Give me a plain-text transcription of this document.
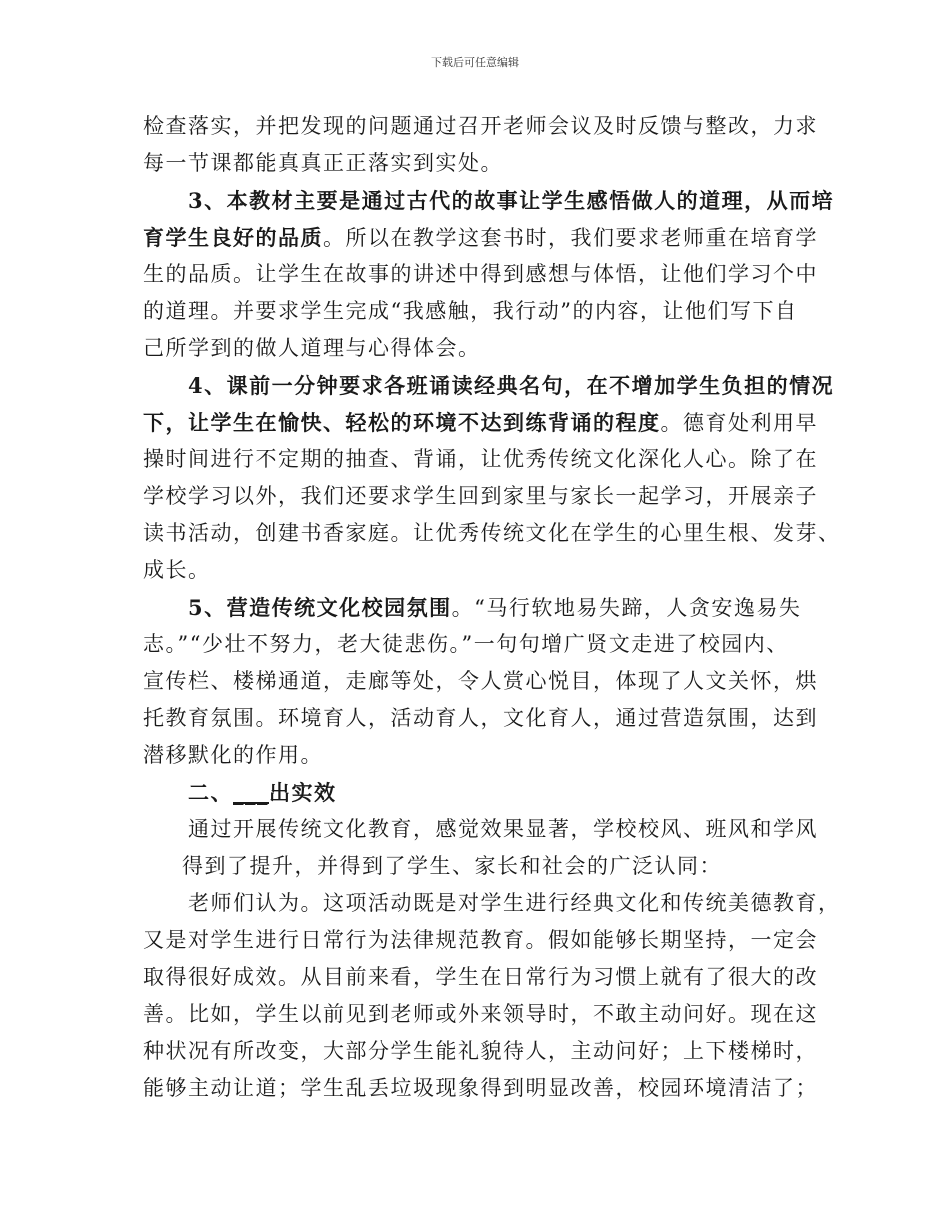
下载后可任意编辑
检查落实，并把发现的问题通过召开老师会议及时反馈与整改，力求
每一节课都能真真正正落实到实处。
3、本教材主要是通过古代的故事让学生感悟做人的道理，从而培
育学生良好的品质。所以在教学这套书时，我们要求老师重在培育学
生的品质。让学生在故事的讲述中得到感想与体悟，让他们学习个中
的道理。并要求学生完成“我感触，我行动”的内容，让他们写下自
己所学到的做人道理与心得体会。
4、课前一分钟要求各班诵读经典名句，在不增加学生负担的情况
下，让学生在愉快、轻松的环境不达到练背诵的程度。德育处利用早
操时间进行不定期的抽查、背诵，让优秀传统文化深化人心。除了在
学校学习以外，我们还要求学生回到家里与家长一起学习，开展亲子
读书活动，创建书香家庭。让优秀传统文化在学生的心里生根、发芽、
成长。
5、营造传统文化校园氛围。“马行软地易失蹄，人贪安逸易失
志。”“少壮不努力，老大徒悲伤。”一句句增广贤文走进了校园内、
宣传栏、楼梯通道，走廊等处，令人赏心悦目，体现了人文关怀，烘
托教育氛围。环境育人，活动育人，文化育人，通过营造氛围，达到
潜移默化的作用。
二、___出实效
通过开展传统文化教育，感觉效果显著，学校校风、班风和学风
得到了提升，并得到了学生、家长和社会的广泛认同：
老师们认为。这项活动既是对学生进行经典文化和传统美德教育，
又是对学生进行日常行为法律规范教育。假如能够长期坚持，一定会
取得很好成效。从目前来看，学生在日常行为习惯上就有了很大的改
善。比如，学生以前见到老师或外来领导时，不敢主动问好。现在这
种状况有所改变，大部分学生能礼貌待人，主动问好；上下楼梯时，
能够主动让道；学生乱丢垃圾现象得到明显改善，校园环境清洁了；
